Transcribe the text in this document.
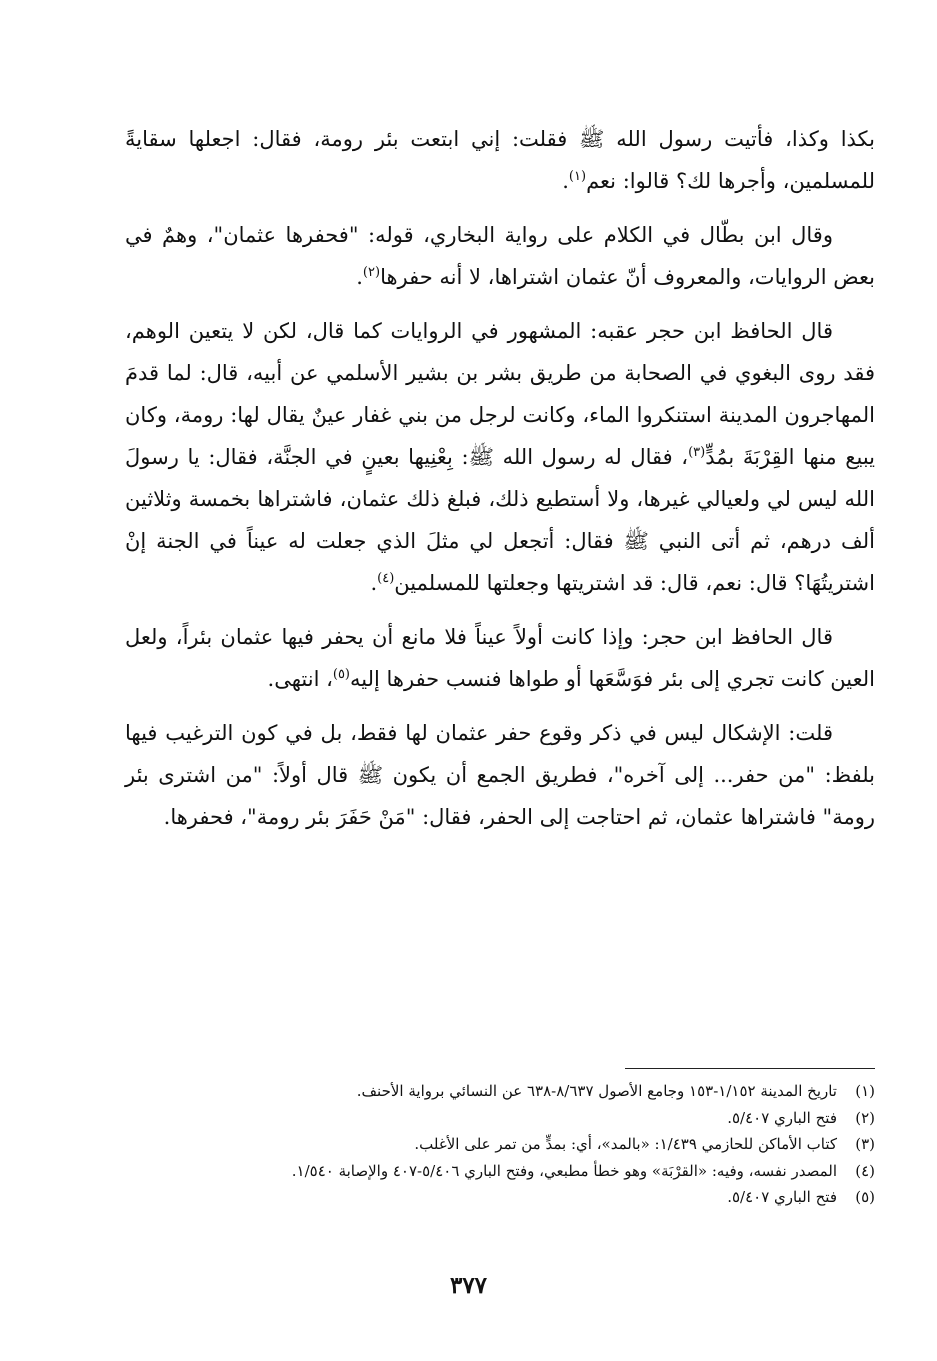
بكذا وكذا، فأتيت رسول الله ﷺ فقلت: إني ابتعت بئر رومة، فقال: اجعلها سقايةً للمسلمين، وأجرها لك؟ قالوا: نعم$^{(١)}$.

وقال ابن بطّال في الكلام على رواية البخاري، قوله: "فحفرها عثمان"، وهمٌ في بعض الروايات، والمعروف أنّ عثمان اشتراها، لا أنه حفرها$^{(٢)}$.

قال الحافظ ابن حجر عقبه: المشهور في الروايات كما قال، لكن لا يتعين الوهم، فقد روى البغوي في الصحابة من طريق بشر بن بشير الأسلمي عن أبيه، قال: لما قدمَ المهاجرون المدينة استنكروا الماء، وكانت لرجل من بني غفار عينٌ يقال لها: رومة، وكان يبيع منها القِرْبَةَ بمُدٍّ$^{(٣)}$، فقال له رسول الله ﷺ: بِعْنِيها بعينٍ في الجنَّة، فقال: يا رسولَ الله ليس لي ولعيالي غيرها، ولا أستطيع ذلك، فبلغ ذلك عثمان، فاشتراها بخمسة وثلاثين ألف درهم، ثم أتى النبي ﷺ فقال: أتجعل لي مثلَ الذي جعلت له عيناً في الجنة إنْ اشتريتُهَا؟ قال: نعم، قال: قد اشتريتها وجعلتها للمسلمين$^{(٤)}$.

قال الحافظ ابن حجر: وإذا كانت أولاً عيناً فلا مانع أن يحفر فيها عثمان بئراً، ولعل العين كانت تجري إلى بئر فوَسَّعَها أو طواها فنسب حفرها إليه$^{(٥)}$، انتهى.

قلت: الإشكال ليس في ذكر وقوع حفر عثمان لها فقط، بل في كون الترغيب فيها بلفظ: "من حفر... إلى آخره"، فطريق الجمع أن يكون ﷺ قال أولاً: "من اشترى بئر رومة" فاشتراها عثمان، ثم احتاجت إلى الحفر، فقال: "مَنْ حَفَرَ بئر رومة"، فحفرها.

(١)
تاريخ المدينة ١/١٥٢-١٥٣ وجامع الأصول ٨/٦٣٧-٦٣٨ عن النسائي برواية الأحنف.
(٢)
فتح الباري ٥/٤٠٧.
(٣)
كتاب الأماكن للحازمي ١/٤٣٩: «بالمد»، أي: بمدٍّ من تمر على الأغلب.
(٤)
المصدر نفسه، وفيه: «القرْبَة» وهو خطأ مطبعي، وفتح الباري ٥/٤٠٦-٤٠٧ والإصابة ١/٥٤٠.
(٥)
فتح الباري ٥/٤٠٧.
٣٧٧
